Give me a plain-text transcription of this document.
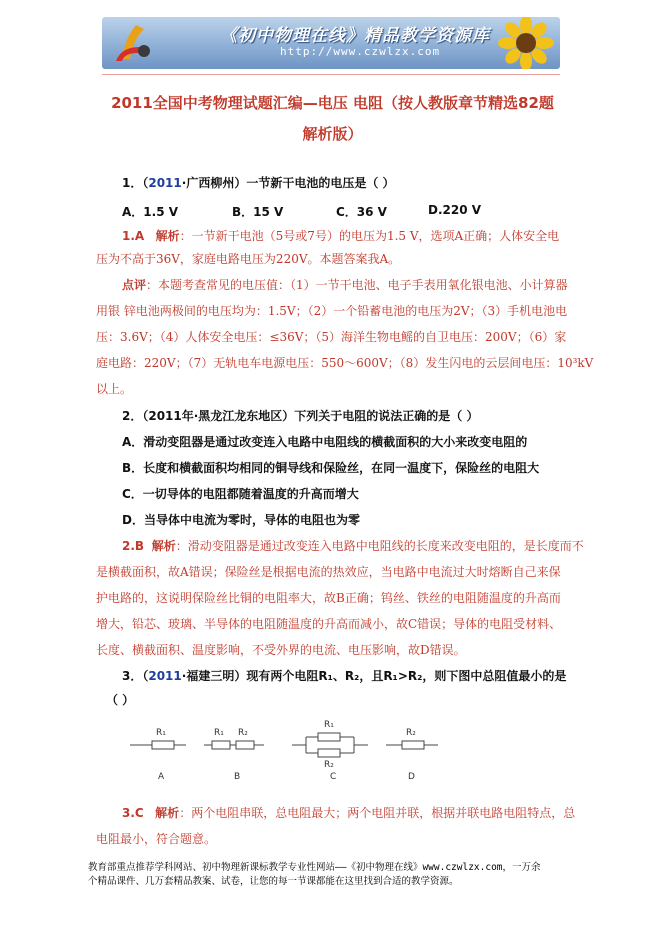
《初中物理在线》精品教学资源库
http://www.czwlzx.com
2011全国中考物理试题汇编—电压 电阻（按人教版章节精选82题
解析版）
1．（2011·广西柳州）一节新干电池的电压是（ ）
A．1.5 V	B．15 V	C．36 V	D.220 V
1.A 解析：一节新干电池（5号或7号）的电压为1.5 V，选项A正确；人体安全电
压为不高于36V，家庭电路电压为220V。本题答案我A。
点评：本题考查常见的电压值：（1）一节干电池、电子手表用氧化银电池、小计算器
用银 锌电池两极间的电压均为：1.5V；（2）一个铅蓄电池的电压为2V；（3）手机电池电
压：3.6V；（4）人体安全电压：≤36V；（5）海洋生物电鳐的自卫电压：200V；（6）家
庭电路：220V；（7）无轨电车电源电压：550～600V；（8）发生闪电的云层间电压：10³kV
以上。
2．（2011年·黑龙江龙东地区）下列关于电阻的说法正确的是（ ）
A．滑动变阻器是通过改变连入电路中电阻线的横截面积的大小来改变电阻的
B．长度和横截面积均相同的铜导线和保险丝，在同一温度下，保险丝的电阻大
C．一切导体的电阻都随着温度的升高而增大
D．当导体中电流为零时，导体的电阻也为零
2.B 解析：滑动变阻器是通过改变连入电路中电阻线的长度来改变电阻的，是长度而不
是横截面积，故A错误；保险丝是根据电流的热效应，当电路中电流过大时熔断自己来保
护电路的，这说明保险丝比铜的电阻率大，故B正确；钨丝、铁丝的电阻随温度的升高而
增大，铅芯、玻璃、半导体的电阻随温度的升高而减小，故C错误；导体的电阻受材料、
长度、横截面积、温度影响，不受外界的电流、电压影响，故D错误。
3．（2011·福建三明）现有两个电阻R₁、R₂，且R₁>R₂，则下图中总阻值最小的是
（ ）
R₁	R₁ R₂
R₁
R₂
R₂
A	B	C	D
3.C 解析：两个电阻串联，总电阻最大；两个电阻并联，根据并联电路电阻特点，总
电阻最小，符合题意。
教育部重点推荐学科网站、初中物理新课标教学专业性网站——《初中物理在线》www.czwlzx.com，一万余
个精品课件、几万套精品教案、试卷，让您的每一节课都能在这里找到合适的教学资源。
